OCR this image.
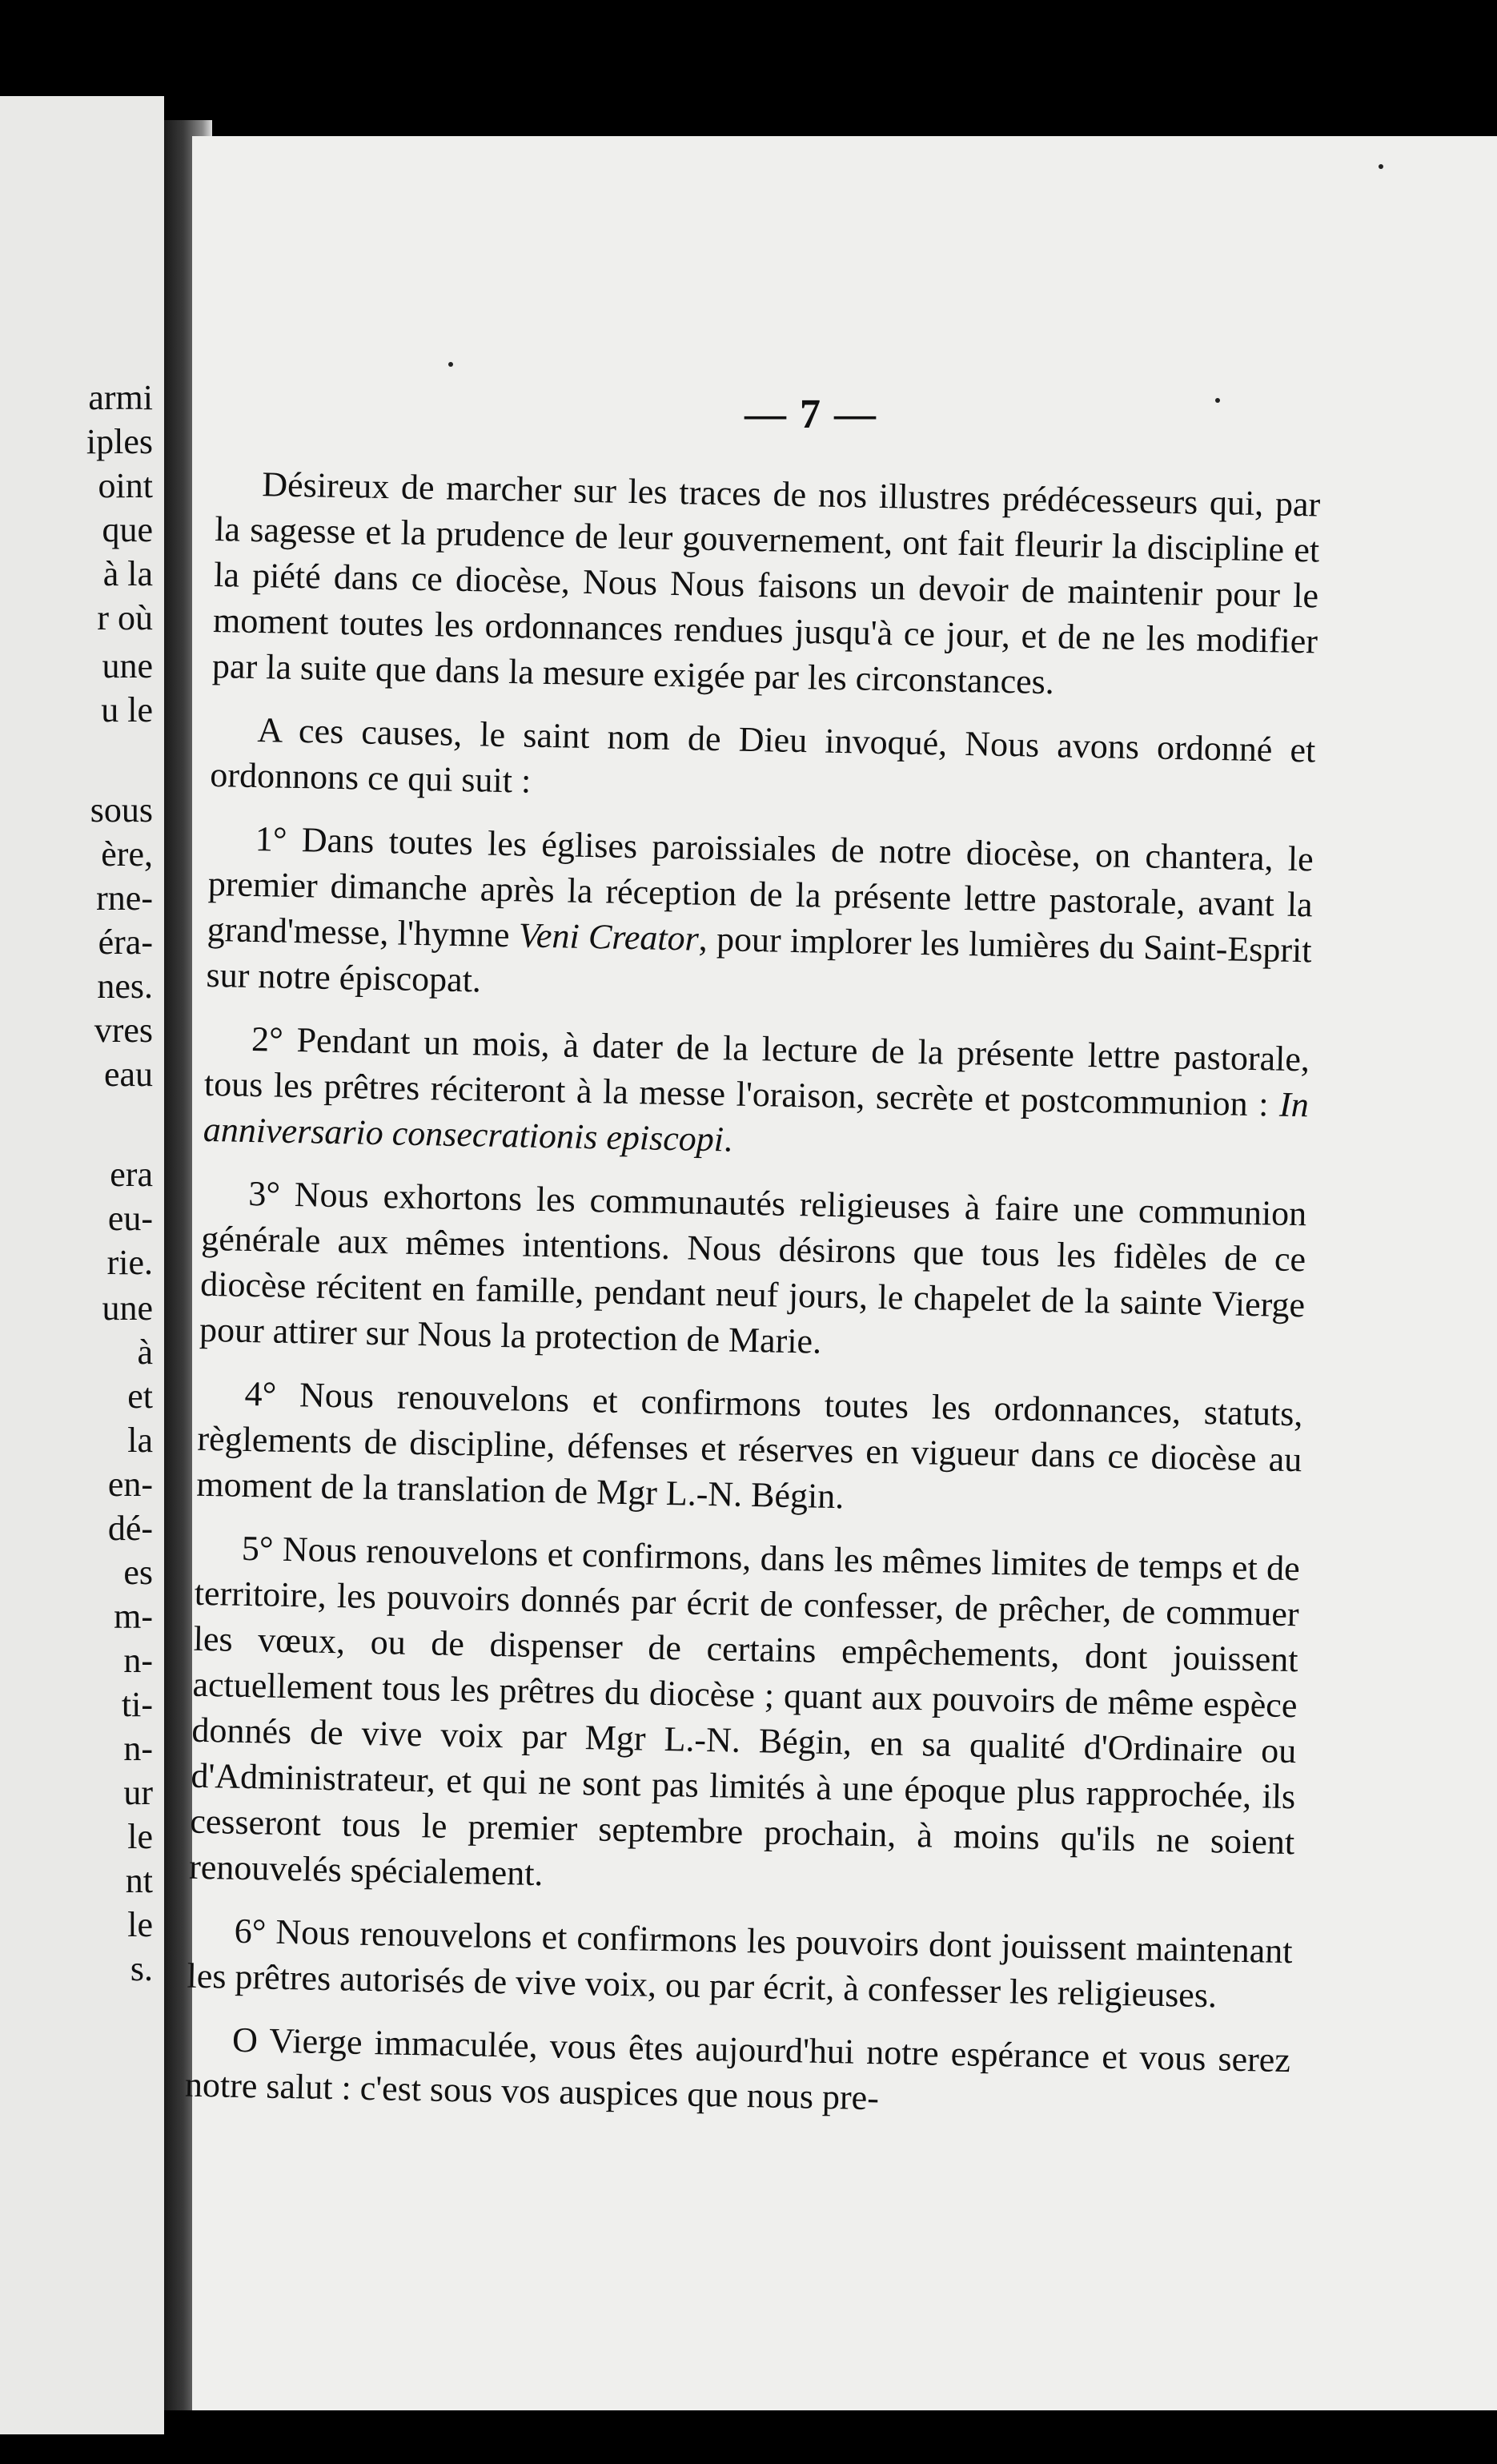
armi
iples
oint
que
à la
r où
une
u le
sous
ère,
rne-
éra-
nes.
vres
eau
era
eu-
rie.
une
à
et
la
en-
dé-
es
m-
n-
ti-
n-
ur
le
nt
le
s.
— 7 —

Désireux de marcher sur les traces de nos illustres prédécesseurs qui, par la sagesse et la prudence de leur gouvernement, ont fait fleurir la discipline et la piété dans ce diocèse, Nous Nous faisons un devoir de maintenir pour le moment toutes les ordonnances rendues jusqu'à ce jour, et de ne les modifier par la suite que dans la mesure exigée par les circonstances.

A ces causes, le saint nom de Dieu invoqué, Nous avons ordonné et ordonnons ce qui suit :

1° Dans toutes les églises paroissiales de notre diocèse, on chantera, le premier dimanche après la réception de la présente lettre pastorale, avant la grand'messe, l'hymne Veni Creator, pour implorer les lumières du Saint-Esprit sur notre épiscopat.

2° Pendant un mois, à dater de la lecture de la présente lettre pastorale, tous les prêtres réciteront à la messe l'oraison, secrète et postcommunion : In anniversario consecrationis episcopi.

3° Nous exhortons les communautés religieuses à faire une communion générale aux mêmes intentions. Nous désirons que tous les fidèles de ce diocèse récitent en famille, pendant neuf jours, le chapelet de la sainte Vierge pour attirer sur Nous la protection de Marie.

4° Nous renouvelons et confirmons toutes les ordonnances, statuts, règlements de discipline, défenses et réserves en vigueur dans ce diocèse au moment de la translation de Mgr L.-N. Bégin.

5° Nous renouvelons et confirmons, dans les mêmes limites de temps et de territoire, les pouvoirs donnés par écrit de confesser, de prêcher, de commuer les vœux, ou de dispenser de certains empêchements, dont jouissent actuellement tous les prêtres du diocèse ; quant aux pouvoirs de même espèce donnés de vive voix par Mgr L.-N. Bégin, en sa qualité d'Ordinaire ou d'Administrateur, et qui ne sont pas limités à une époque plus rapprochée, ils cesseront tous le premier septembre prochain, à moins qu'ils ne soient renouvelés spécialement.

6° Nous renouvelons et confirmons les pouvoirs dont jouissent maintenant les prêtres autorisés de vive voix, ou par écrit, à confesser les religieuses.

O Vierge immaculée, vous êtes aujourd'hui notre espérance et vous serez notre salut : c'est sous vos auspices que nous pre-
